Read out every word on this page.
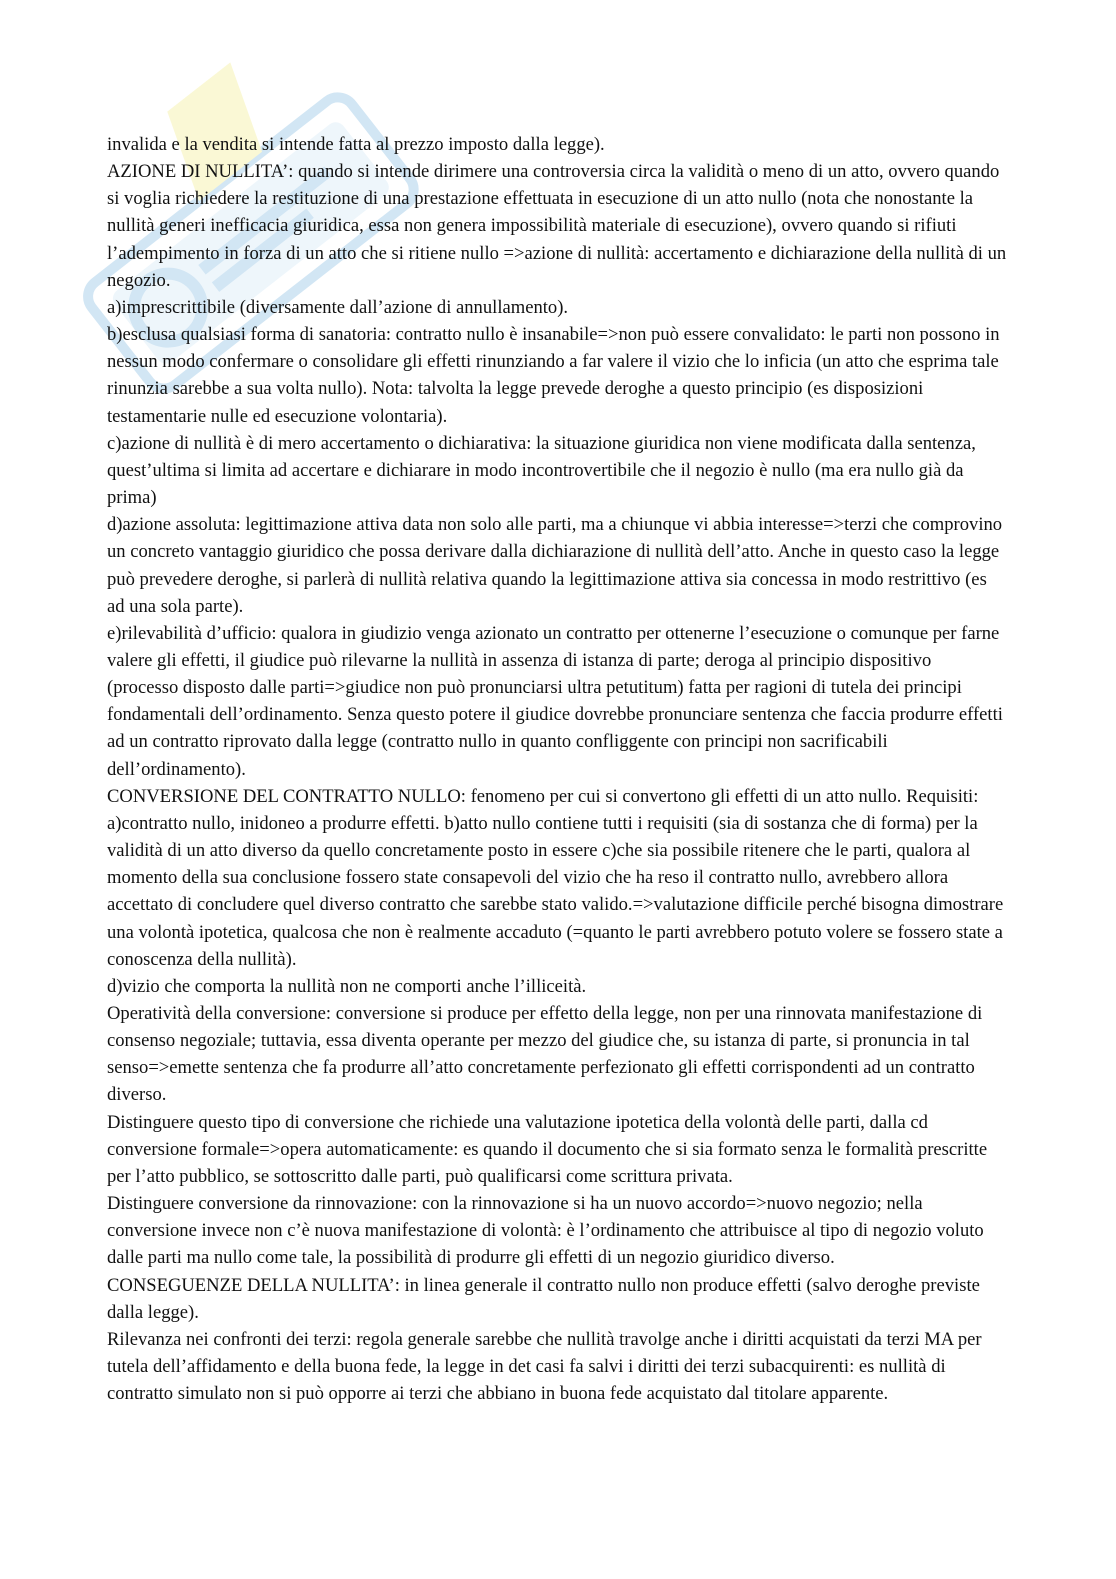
invalida e la vendita si intende fatta al prezzo imposto dalla legge).

AZIONE DI NULLITA’: quando si intende dirimere una controversia circa la validità o meno di un atto, ovvero quando si voglia richiedere la restituzione di una prestazione effettuata in esecuzione di un atto nullo (nota che nonostante la nullità generi inefficacia giuridica, essa non genera impossibilità materiale di esecuzione), ovvero quando si rifiuti l’adempimento in forza di un atto che si ritiene nullo =>azione di nullità: accertamento e dichiarazione della nullità di un negozio.

a)imprescrittibile (diversamente dall’azione di annullamento).

b)esclusa qualsiasi forma di sanatoria: contratto nullo è insanabile=>non può essere convalidato: le parti non possono in nessun modo confermare o consolidare gli effetti rinunziando a far valere il vizio che lo inficia (un atto che esprima tale rinunzia sarebbe a sua volta nullo). Nota: talvolta la legge prevede deroghe a questo principio (es disposizioni testamentarie nulle ed esecuzione volontaria).

c)azione di nullità è di mero accertamento o dichiarativa: la situazione giuridica non viene modificata dalla sentenza, quest’ultima si limita ad accertare e dichiarare in modo incontrovertibile che il negozio è nullo (ma era nullo già da prima)

d)azione assoluta: legittimazione attiva data non solo alle parti, ma a chiunque vi abbia interesse=>terzi che comprovino un concreto vantaggio giuridico che possa derivare dalla dichiarazione di nullità dell’atto. Anche in questo caso la legge può prevedere deroghe, si parlerà di nullità relativa quando la legittimazione attiva sia concessa in modo restrittivo (es ad una sola parte).

e)rilevabilità d’ufficio: qualora in giudizio venga azionato un contratto per ottenerne l’esecuzione o comunque per farne valere gli effetti, il giudice può rilevarne la nullità in assenza di istanza di parte; deroga al principio dispositivo (processo disposto dalle parti=>giudice non può pronunciarsi ultra petutitum) fatta per ragioni di tutela dei principi fondamentali dell’ordinamento. Senza questo potere il giudice dovrebbe pronunciare sentenza che faccia produrre effetti ad un contratto riprovato dalla legge (contratto nullo in quanto confliggente con principi non sacrificabili dell’ordinamento).

CONVERSIONE DEL CONTRATTO NULLO: fenomeno per cui si convertono gli effetti di un atto nullo. Requisiti: a)contratto nullo, inidoneo a produrre effetti. b)atto nullo contiene tutti i requisiti (sia di sostanza che di forma) per la validità di un atto diverso da quello concretamente posto in essere c)che sia possibile ritenere che le parti, qualora al momento della sua conclusione fossero state consapevoli del vizio che ha reso il contratto nullo, avrebbero allora accettato di concludere quel diverso contratto che sarebbe stato valido.=>valutazione difficile perché bisogna dimostrare una volontà ipotetica, qualcosa che non è realmente accaduto (=quanto le parti avrebbero potuto volere se fossero state a conoscenza della nullità).

d)vizio che comporta la nullità non ne comporti anche l’illiceità.

Operatività della conversione: conversione si produce per effetto della legge, non per una rinnovata manifestazione di consenso negoziale; tuttavia, essa diventa operante per mezzo del giudice che, su istanza di parte, si pronuncia in tal senso=>emette sentenza che fa produrre all’atto concretamente perfezionato gli effetti corrispondenti ad un contratto diverso.

Distinguere questo tipo di conversione che richiede una valutazione ipotetica della volontà delle parti, dalla cd conversione formale=>opera automaticamente: es quando il documento che si sia formato senza le formalità prescritte per l’atto pubblico, se sottoscritto dalle parti, può qualificarsi come scrittura privata.

Distinguere conversione da rinnovazione: con la rinnovazione si ha un nuovo accordo=>nuovo negozio; nella conversione invece non c’è nuova manifestazione di volontà: è l’ordinamento che attribuisce al tipo di negozio voluto dalle parti ma nullo come tale, la possibilità di produrre gli effetti di un negozio giuridico diverso.

CONSEGUENZE DELLA NULLITA’: in linea generale il contratto nullo non produce effetti (salvo deroghe previste dalla legge).

Rilevanza nei confronti dei terzi: regola generale sarebbe che nullità travolge anche i diritti acquistati da terzi MA per tutela dell’affidamento e della buona fede, la legge in det casi fa salvi i diritti dei terzi subacquirenti: es nullità di contratto simulato non si può opporre ai terzi che abbiano in buona fede acquistato dal titolare apparente.
